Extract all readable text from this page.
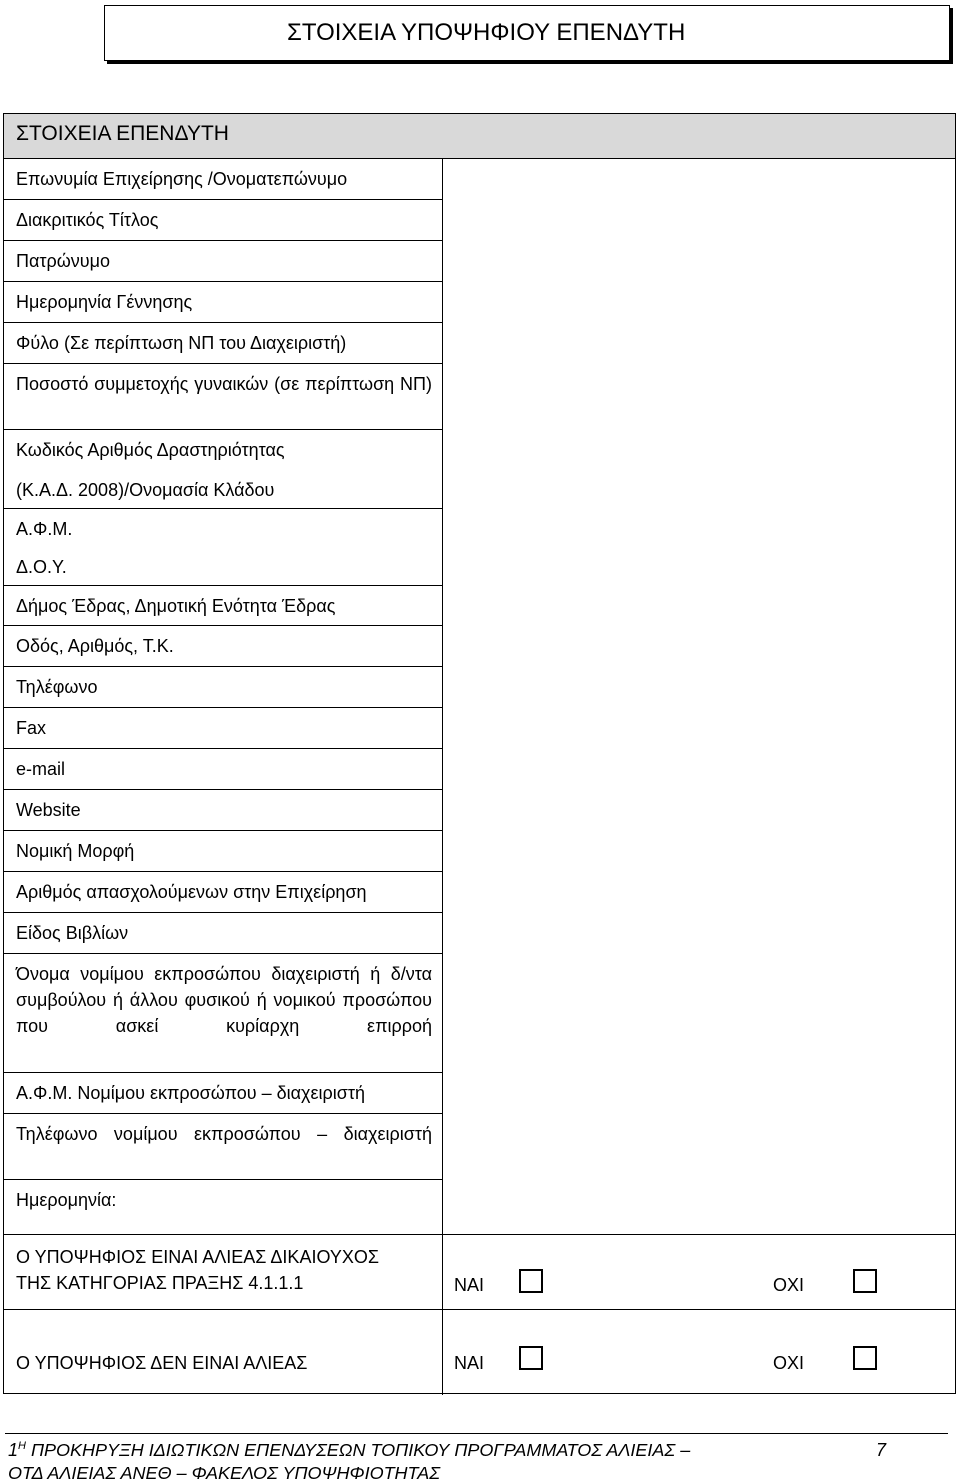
ΣΤΟΙΧΕΙΑ ΥΠΟΨΗΦΙΟΥ ΕΠΕΝΔΥΤΗ
ΣΤΟΙΧΕΙΑ ΕΠΕΝΔΥΤΗ
Επωνυμία Επιχείρησης /Ονοματεπώνυμο
Διακριτικός Τίτλος
Πατρώνυμο
Ημερομηνία Γέννησης
Φύλο (Σε περίπτωση ΝΠ του Διαχειριστή)
Ποσοστό συμμετοχής γυναικών (σε περίπτωση ΝΠ)
Κωδικός Αριθμός Δραστηριότητας
(Κ.Α.Δ. 2008)/Ονομασία Κλάδου
Α.Φ.Μ.
Δ.Ο.Υ.
Δήμος Έδρας, Δημοτική Ενότητα Έδρας
Οδός, Αριθμός, Τ.Κ.
Τηλέφωνο
Fax
e-mail
Website
Νομική Μορφή
Αριθμός απασχολούμενων στην Επιχείρηση
Είδος Βιβλίων
Όνομα νομίμου εκπροσώπου διαχειριστή ή δ/ντα συμβούλου ή άλλου φυσικού ή νομικού προσώπου που ασκεί κυρίαρχη επιρροή
Α.Φ.Μ. Νομίμου εκπροσώπου – διαχειριστή
Τηλέφωνο νομίμου εκπροσώπου – διαχειριστή
Ημερομηνία:
Ο ΥΠΟΨΗΦΙΟΣ ΕΙΝΑΙ ΑΛΙΕΑΣ ΔΙΚΑΙΟΥΧΟΣ
ΤΗΣ ΚΑΤΗΓΟΡΙΑΣ ΠΡΑΞΗΣ 4.1.1.1	ΝΑΙ	ΟΧΙ
Ο ΥΠΟΨΗΦΙΟΣ ΔΕΝ ΕΙΝΑΙ ΑΛΙΕΑΣ	ΝΑΙ	ΟΧΙ
$1^H$ ΠΡΟΚΗΡΥΞΗ ΙΔΙΩΤΙΚΩΝ ΕΠΕΝΔΥΣΕΩΝ ΤΟΠΙΚΟΥ ΠΡΟΓΡΑΜΜΑΤΟΣ ΑΛΙΕΙΑΣ –
ΟΤΔ ΑΛΙΕΙΑΣ ΑΝΕΘ – ΦΑΚΕΛΟΣ ΥΠΟΨΗΦΙΟΤΗΤΑΣ
7
